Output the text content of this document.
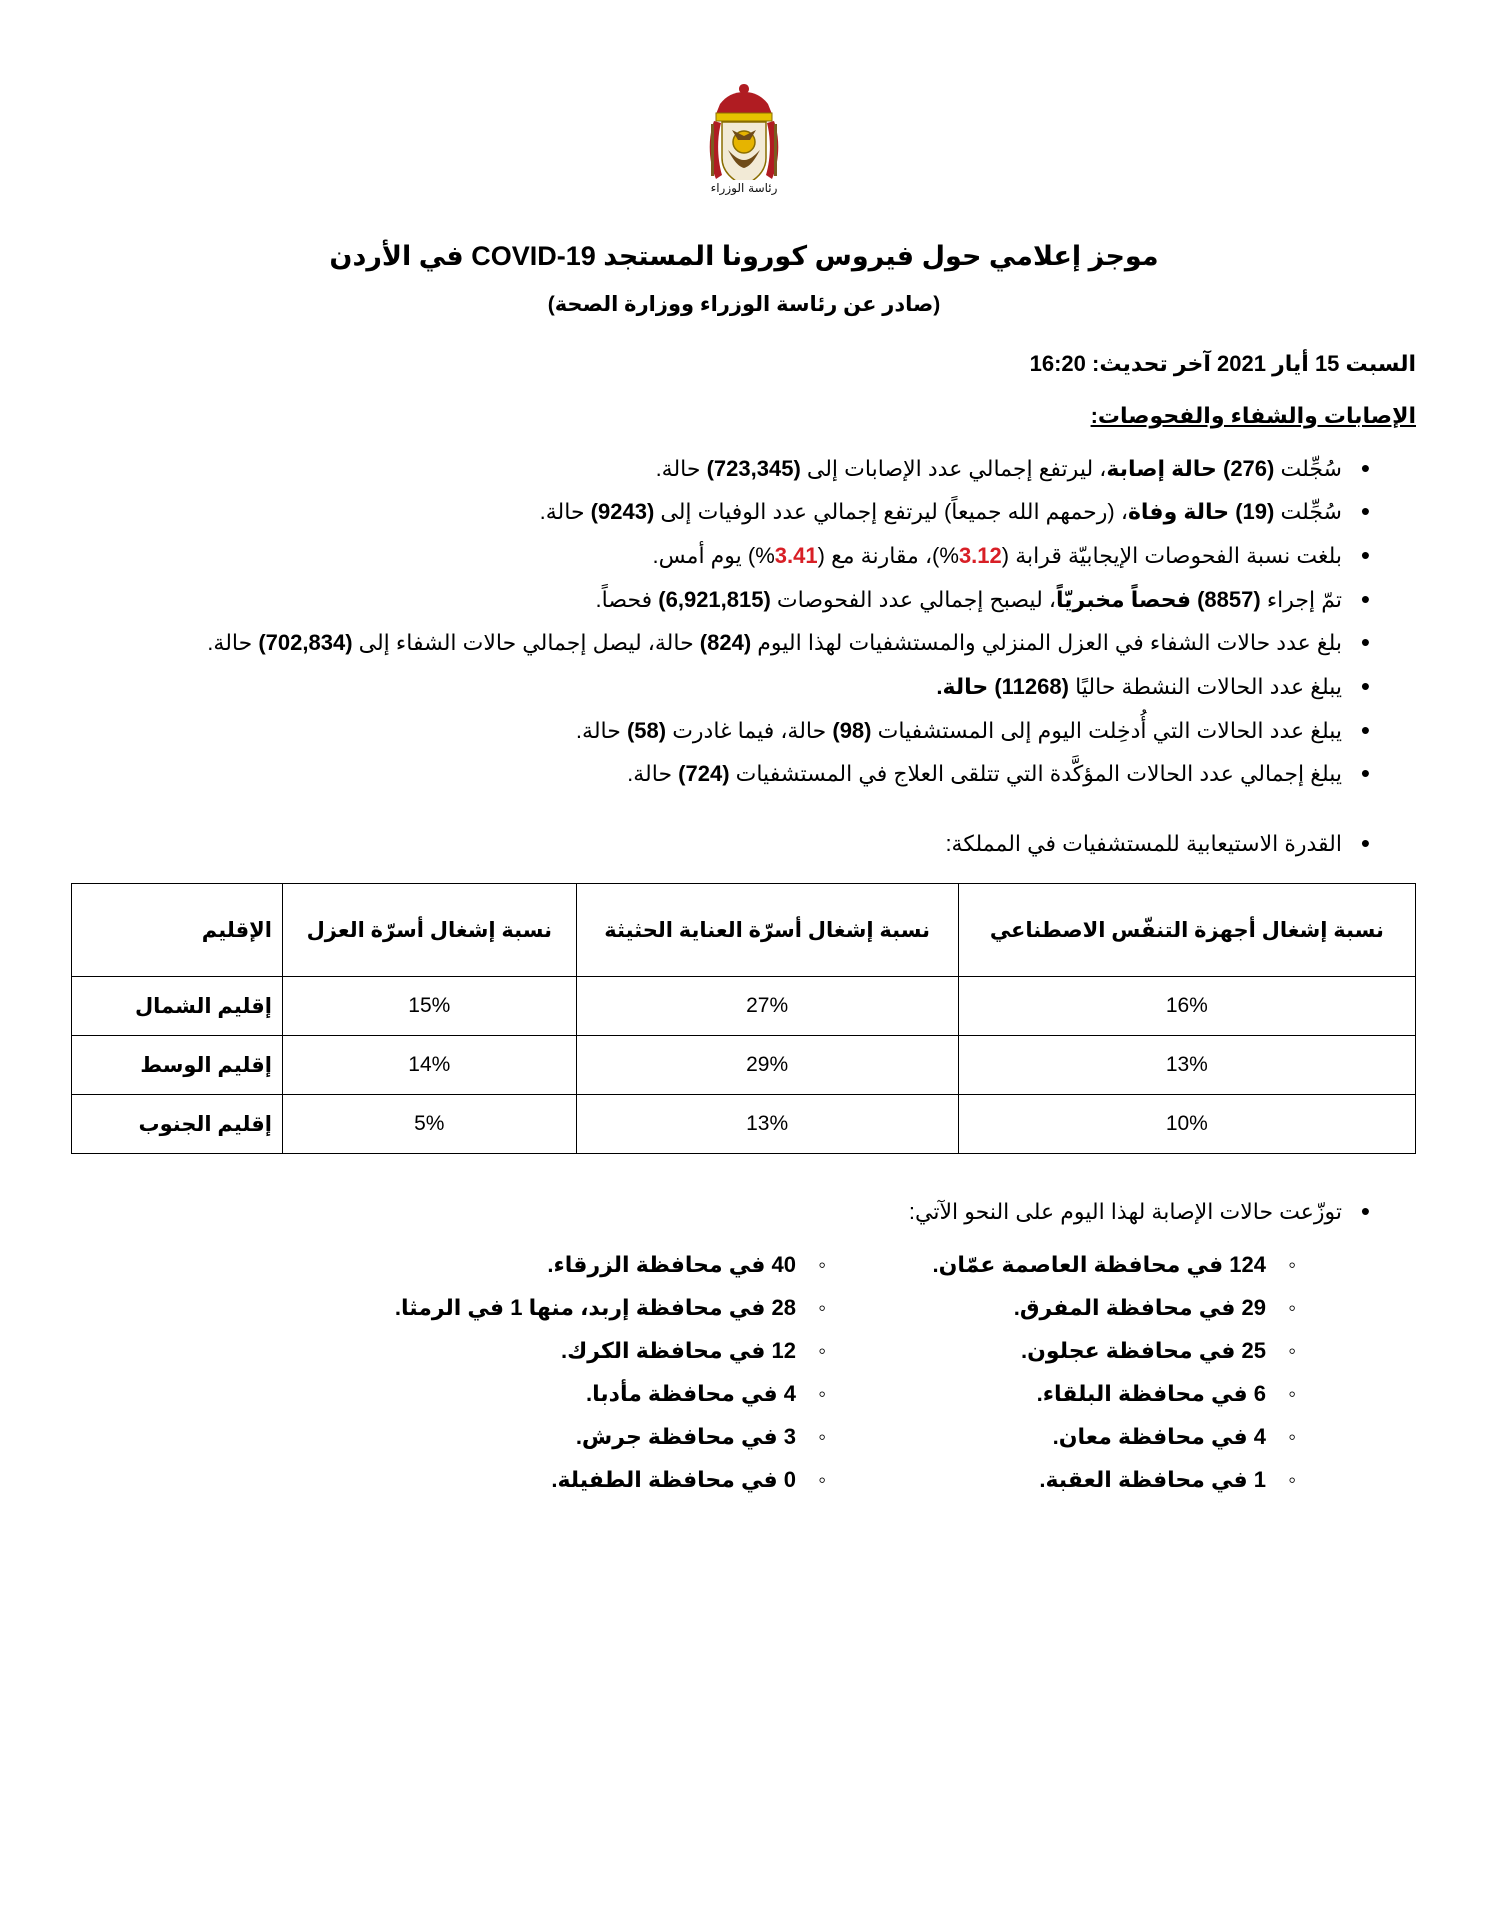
رئاسة الوزراء
موجز إعلامي حول فيروس كورونا المستجد COVID-19 في الأردن
(صادر عن رئاسة الوزراء ووزارة الصحة)
السبت 15 أيار 2021 آخر تحديث: 16:20
الإصابات والشفاء والفحوصات:
• سُجِّلت (276) حالة إصابة، ليرتفع إجمالي عدد الإصابات إلى (723,345) حالة.
• سُجِّلت (19) حالة وفاة، (رحمهم الله جميعاً) ليرتفع إجمالي عدد الوفيات إلى (9243) حالة.
• بلغت نسبة الفحوصات الإيجابيّة قرابة (3.12%)، مقارنة مع (3.41%) يوم أمس.
• تمّ إجراء (8857) فحصاً مخبريّاً، ليصبح إجمالي عدد الفحوصات (6,921,815) فحصاً.
• بلغ عدد حالات الشفاء في العزل المنزلي والمستشفيات لهذا اليوم (824) حالة، ليصل إجمالي حالات الشفاء إلى (702,834) حالة.
• يبلغ عدد الحالات النشطة حاليًا (11268) حالة.
• يبلغ عدد الحالات التي أُدخِلت اليوم إلى المستشفيات (98) حالة، فيما غادرت (58) حالة.
• يبلغ إجمالي عدد الحالات المؤكَّدة التي تتلقى العلاج في المستشفيات (724) حالة.
• القدرة الاستيعابية للمستشفيات في المملكة:
نسبة إشغال أجهزة التنفّس الاصطناعي	نسبة إشغال أسرّة العناية الحثيثة	نسبة إشغال أسرّة العزل	الإقليم
16%	27%	15%	إقليم الشمال
13%	29%	14%	إقليم الوسط
10%	13%	5%	إقليم الجنوب
• توزّعت حالات الإصابة لهذا اليوم على النحو الآتي:
◦ 124 في محافظة العاصمة عمّان.
◦ 29 في محافظة المفرق.
◦ 25 في محافظة عجلون.
◦ 6 في محافظة البلقاء.
◦ 4 في محافظة معان.
◦ 1 في محافظة العقبة.
◦ 40 في محافظة الزرقاء.
◦ 28 في محافظة إربد، منها 1 في الرمثا.
◦ 12 في محافظة الكرك.
◦ 4 في محافظة مأدبا.
◦ 3 في محافظة جرش.
◦ 0 في محافظة الطفيلة.
